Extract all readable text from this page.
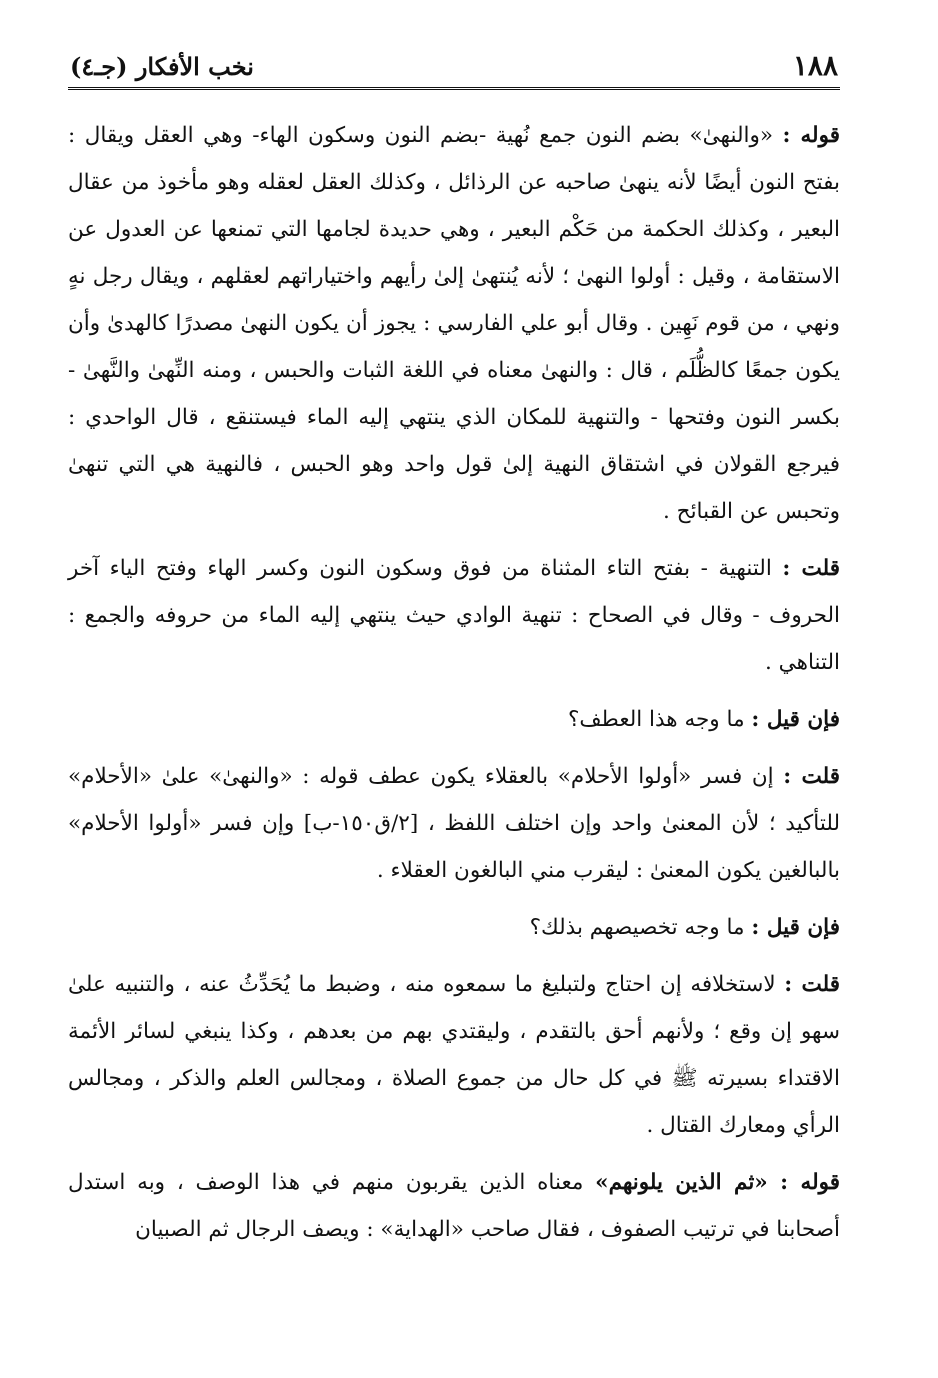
١٨٨
نخب الأفكار (جـ٤)

قوله : «والنهىٰ» بضم النون جمع نُهية -بضم النون وسكون الهاء- وهي العقل ويقال : بفتح النون أيضًا لأنه ينهىٰ صاحبه عن الرذائل ، وكذلك العقل لعقله وهو مأخوذ من عقال البعير ، وكذلك الحكمة من حَكْم البعير ، وهي حديدة لجامها التي تمنعها عن العدول عن الاستقامة ، وقيل : أولوا النهىٰ ؛ لأنه يُنتهىٰ إلىٰ رأيهم واختياراتهم لعقلهم ، ويقال رجل نهٍ ونهي ، من قوم نَهِين . وقال أبو علي الفارسي : يجوز أن يكون النهىٰ مصدرًا كالهدىٰ وأن يكون جمعًا كالظُّلَم ، قال : والنهىٰ معناه في اللغة الثبات والحبس ، ومنه النِّهىٰ والنَّهىٰ - بكسر النون وفتحها - والتنهية للمكان الذي ينتهي إليه الماء فيستنقع ، قال الواحدي : فيرجع القولان في اشتقاق النهية إلىٰ قول واحد وهو الحبس ، فالنهية هي التي تنهىٰ وتحبس عن القبائح .

قلت : التنهية - بفتح التاء المثناة من فوق وسكون النون وكسر الهاء وفتح الياء آخر الحروف - وقال في الصحاح : تنهية الوادي حيث ينتهي إليه الماء من حروفه والجمع : التناهي .

فإن قيل : ما وجه هذا العطف؟

قلت : إن فسر «أولوا الأحلام» بالعقلاء يكون عطف قوله : «والنهىٰ» علىٰ «الأحلام» للتأكيد ؛ لأن المعنىٰ واحد وإن اختلف اللفظ ، [٢/ق١٥٠-ب] وإن فسر «أولوا الأحلام» بالبالغين يكون المعنىٰ : ليقرب مني البالغون العقلاء .

فإن قيل : ما وجه تخصيصهم بذلك؟

قلت : لاستخلافه إن احتاج ولتبليغ ما سمعوه منه ، وضبط ما يُحَدِّثُ عنه ، والتنبيه علىٰ سهو إن وقع ؛ ولأنهم أحق بالتقدم ، وليقتدي بهم من بعدهم ، وكذا ينبغي لسائر الأئمة الاقتداء بسيرته ﷺ في كل حال من جموع الصلاة ، ومجالس العلم والذكر ، ومجالس الرأي ومعارك القتال .

قوله : «ثم الذين يلونهم» معناه الذين يقربون منهم في هذا الوصف ، وبه استدل أصحابنا في ترتيب الصفوف ، فقال صاحب «الهداية» : ويصف الرجال ثم الصبيان
